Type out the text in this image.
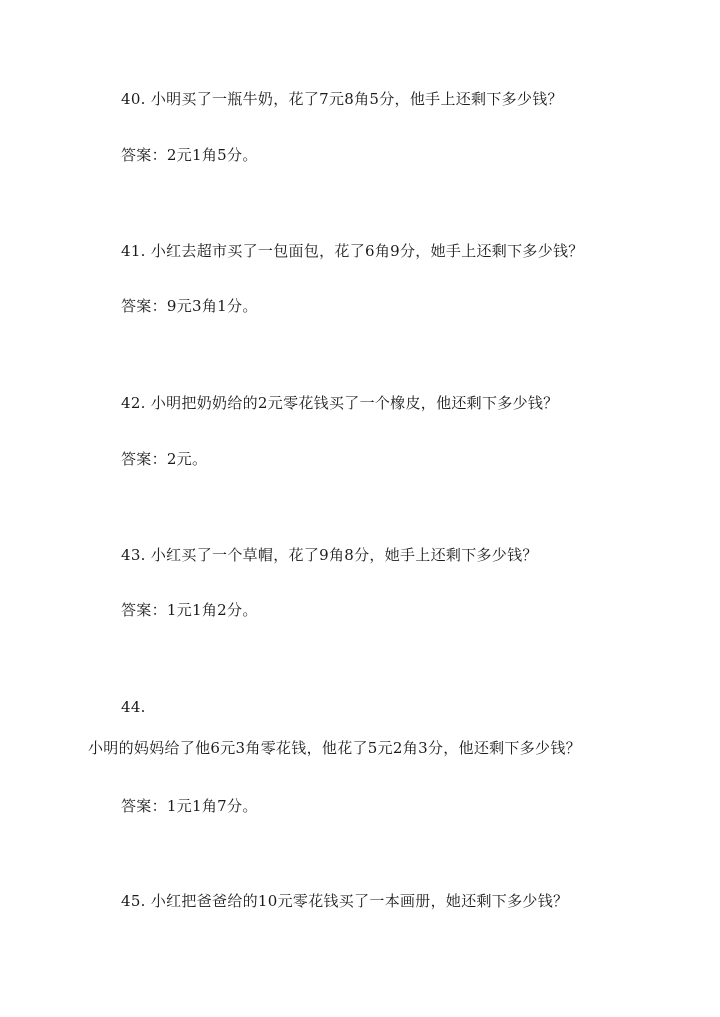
40. 小明买了一瓶牛奶，花了7元8角5分，他手上还剩下多少钱？
答案：2元1角5分。
41. 小红去超市买了一包面包，花了6角9分，她手上还剩下多少钱？
答案：9元3角1分。
42. 小明把奶奶给的2元零花钱买了一个橡皮，他还剩下多少钱？
答案：2元。
43. 小红买了一个草帽，花了9角8分，她手上还剩下多少钱？
答案：1元1角2分。
44.
小明的妈妈给了他6元3角零花钱，他花了5元2角3分，他还剩下多少钱？
答案：1元1角7分。
45. 小红把爸爸给的10元零花钱买了一本画册，她还剩下多少钱？
